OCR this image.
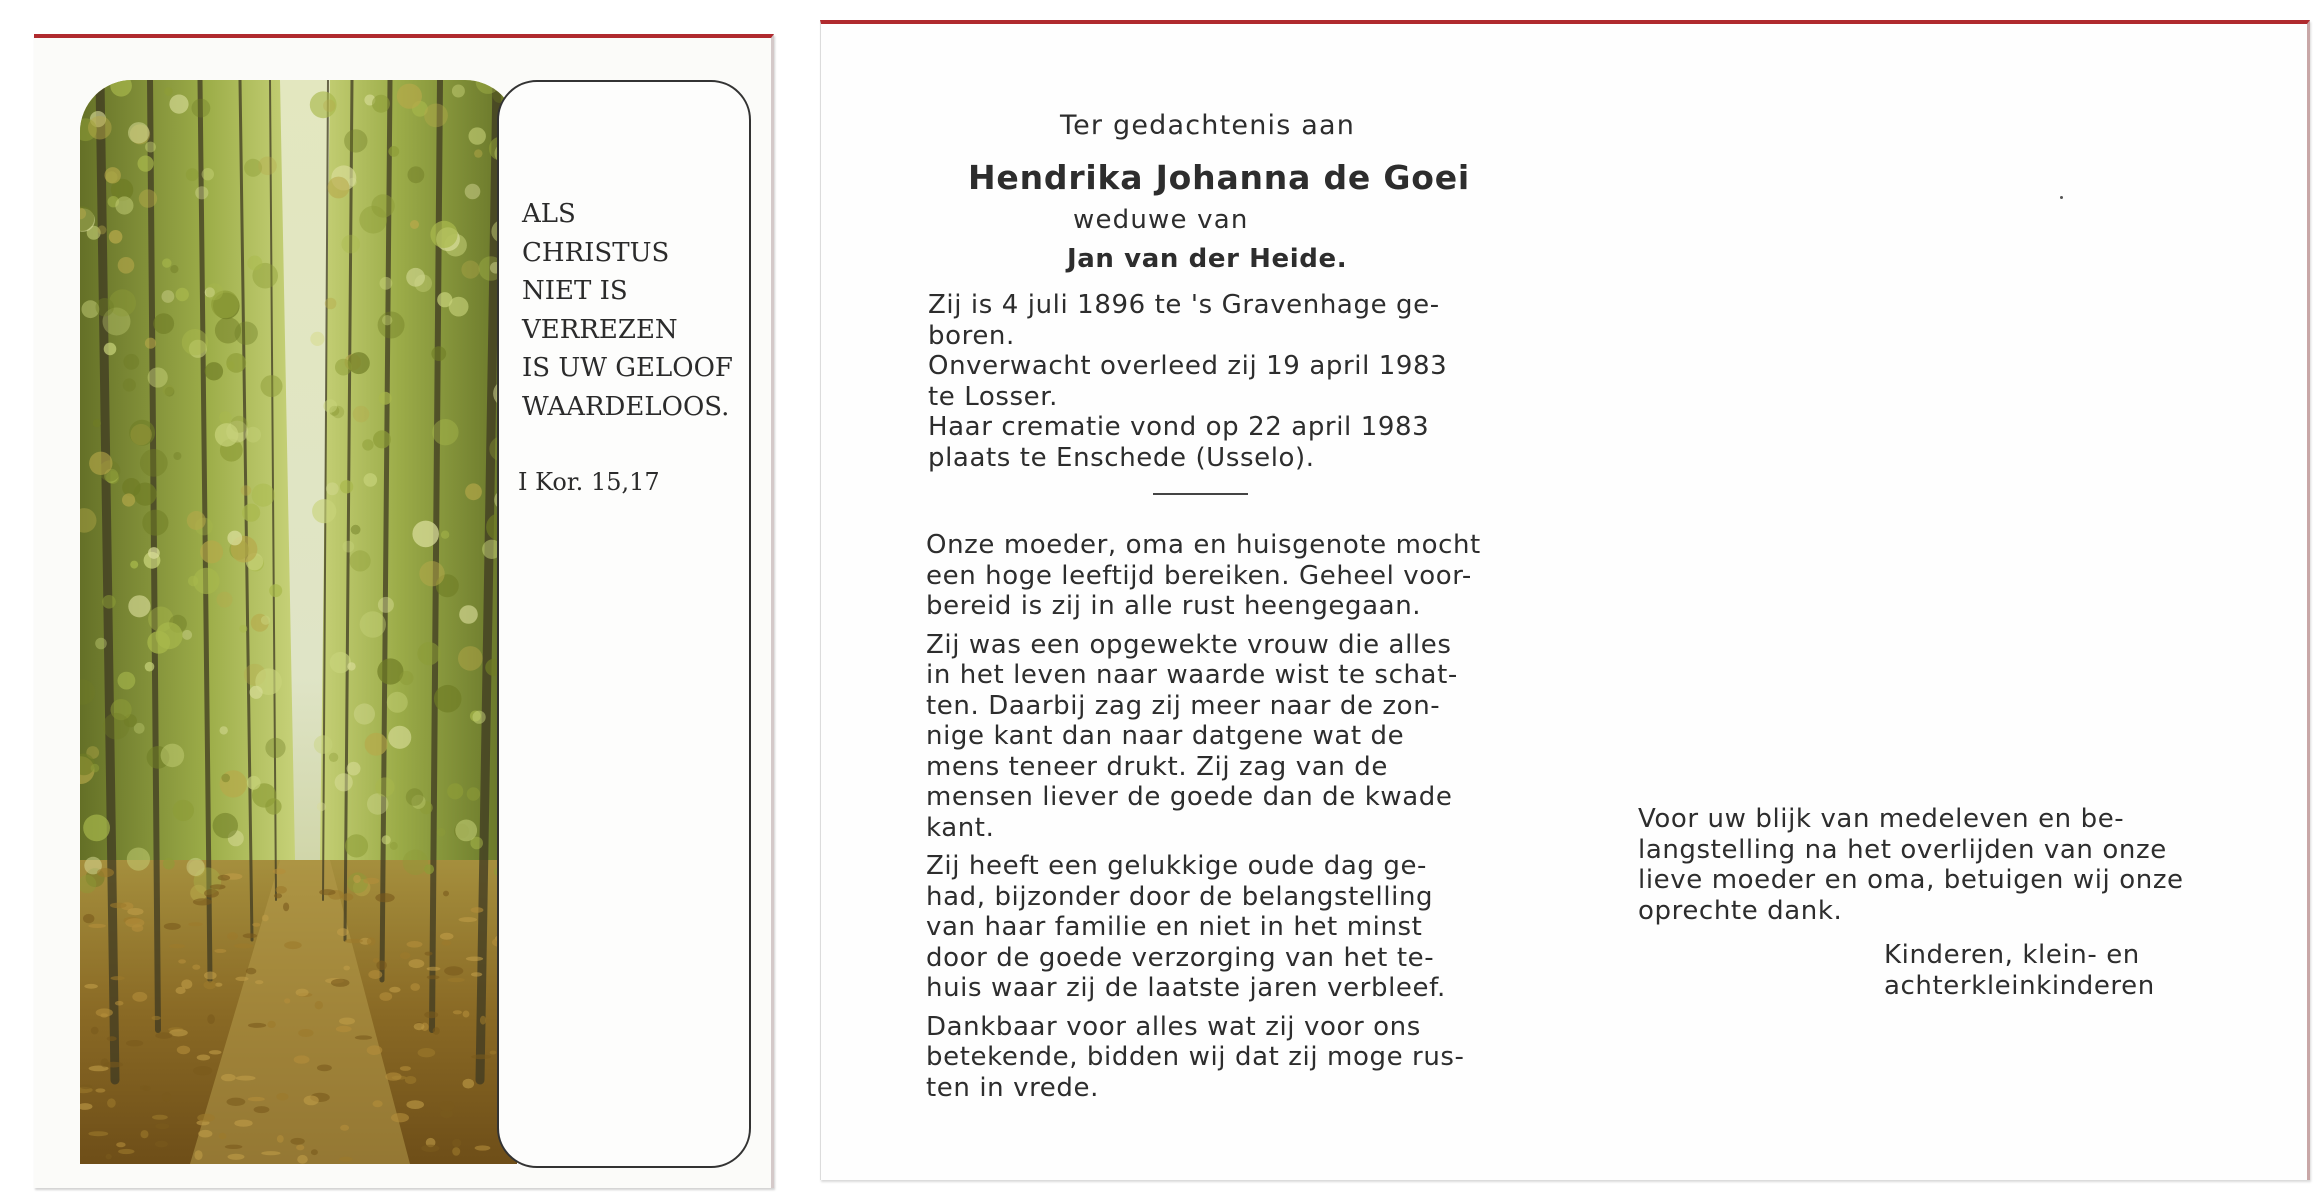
ALS
CHRISTUS
NIET IS
VERREZEN
IS UW GELOOF
WAARDELOOS.
I Kor. 15,17
Ter gedachtenis aan
Hendrika Johanna de Goei
weduwe van
Jan van der Heide.
Zij is 4 juli 1896 te 's Gravenhage ge-
boren.
Onverwacht overleed zij 19 april 1983
te Losser.
Haar crematie vond op 22 april 1983
plaats te Enschede (Usselo).
Onze moeder, oma en huisgenote mocht
een hoge leeftijd bereiken. Geheel voor-
bereid is zij in alle rust heengegaan.
Zij was een opgewekte vrouw die alles
in het leven naar waarde wist te schat-
ten. Daarbij zag zij meer naar de zon-
nige kant dan naar datgene wat de
mens teneer drukt. Zij zag van de
mensen liever de goede dan de kwade
kant.
Zij heeft een gelukkige oude dag ge-
had, bijzonder door de belangstelling
van haar familie en niet in het minst
door de goede verzorging van het te-
huis waar zij de laatste jaren verbleef.
Dankbaar voor alles wat zij voor ons
betekende, bidden wij dat zij moge rus-
ten in vrede.
Voor uw blijk van medeleven en be-
langstelling na het overlijden van onze
lieve moeder en oma, betuigen wij onze
oprechte dank.
Kinderen, klein- en
achterkleinkinderen
